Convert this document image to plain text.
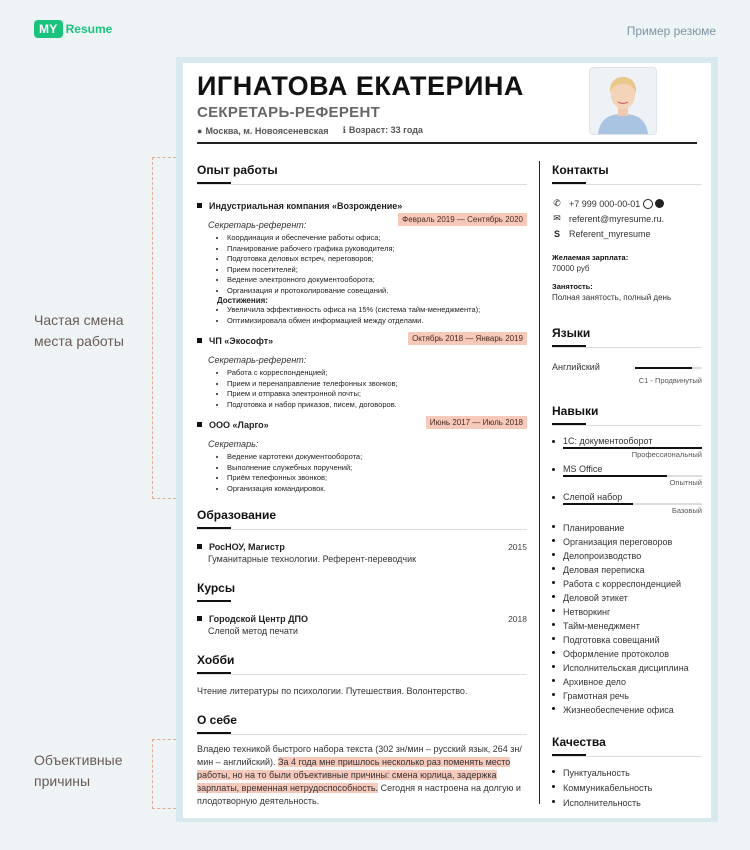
MY Resume	Пример резюме
Частая смена места работы
Объективные причины
ИГНАТОВА ЕКАТЕРИНА
СЕКРЕТАРЬ-РЕФЕРЕНТ
● Москва, м. Новоясеневская ℹ Возраст: 33 года
Опыт работы
Индустриальная компания «Возрождение»
Секретарь-референт:
Февраль 2019 — Сентябрь 2020
• Координация и обеспечение работы офиса;
• Планирование рабочего графика руководителя;
• Подготовка деловых встреч, переговоров;
• Прием посетителей;
• Ведение электронного документооборота;
• Организация и протоколирование совещаний.
Достижения:
• Увеличила эффективность офиса на 15% (система тайм-менеджмента);
• Оптимизировала обмен информацией между отделами.
ЧП «Экософт»
Секретарь-референт:
Октябрь 2018 — Январь 2019
• Работа с корреспонденцией;
• Прием и перенаправление телефонных звонков;
• Прием и отправка электронной почты;
• Подготовка и набор приказов, писем, договоров.
ООО «Ларго»
Секретарь:
Июнь 2017 — Июль 2018
• Ведение картотеки документооборота;
• Выполнение служебных поручений;
• Приём телефонных звонков;
• Организация командировок.
Образование
РосНОУ, Магистр	2015
Гуманитарные технологии. Референт-переводчик
Курсы
Городской Центр ДПО	2018
Слепой метод печати
Хобби
Чтение литературы по психологии. Путешествия. Волонтерство.
О себе
Владею техникой быстрого набора текста (302 зн/мин – русский язык, 264 зн/мин – английский). За 4 года мне пришлось несколько раз поменять место работы, но на то были объективные причины: смена юрлица, задержка зарплаты, временная нетрудоспособность. Сегодня я настроена на долгую и плодотворную деятельность.
Контакты
✆ +7 999 000-00-01
✉ referent@myresume.ru.
S Referent_myresume
Желаемая зарплата:
70000 руб
Занятость:
Полная занятость, полный день
Языки
Английский
C1 - Продвинутый
Навыки
1С: документооборот
Профессиональный
MS Office
Опытный
Слепой набор
Базовый
Планирование
Организация переговоров
Делопроизводство
Деловая переписка
Работа с корреспонденцией
Деловой этикет
Нетворкинг
Тайм-менеджмент
Подготовка совещаний
Оформление протоколов
Исполнительская дисциплина
Архивное дело
Грамотная речь
Жизнеобеспечение офиса
Качества
Пунктуальность
Коммуникабельность
Исполнительность
